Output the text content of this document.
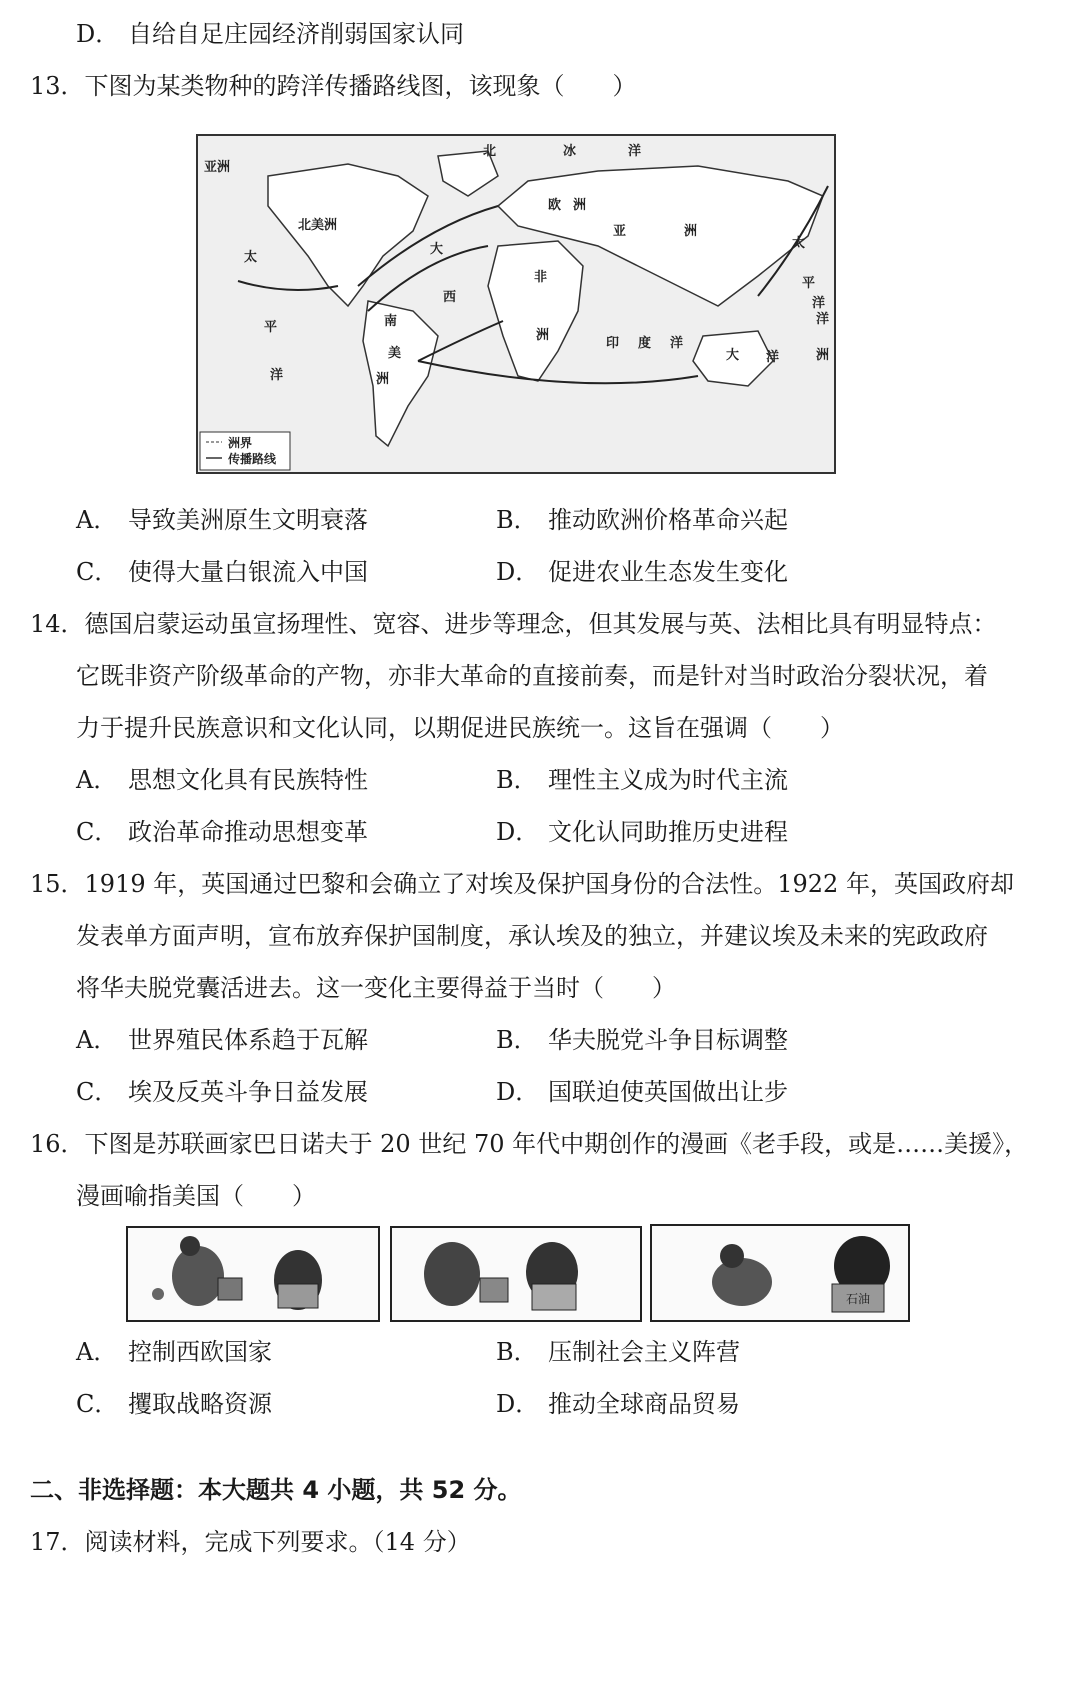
D． 自给自足庄园经济削弱国家认同
13．下图为某类物种的跨洋传播路线图，该现象（　　）
亚洲
北	冰	洋
北美洲
欧 洲
亚	洲
太
平
洋
大
西
南
美
洲
非
洲
印 度 洋
大 洋	洲
洋
太
平
洋
洲界
传播路线
A． 导致美洲原生文明衰落	B． 推动欧洲价格革命兴起
C． 使得大量白银流入中国	D． 促进农业生态发生变化
14．德国启蒙运动虽宣扬理性、宽容、进步等理念，但其发展与英、法相比具有明显特点：
它既非资产阶级革命的产物，亦非大革命的直接前奏，而是针对当时政治分裂状况，着
力于提升民族意识和文化认同，以期促进民族统一。这旨在强调（　　）
A． 思想文化具有民族特性	B． 理性主义成为时代主流
C． 政治革命推动思想变革	D． 文化认同助推历史进程
15．1919 年，英国通过巴黎和会确立了对埃及保护国身份的合法性。1922 年，英国政府却
发表单方面声明，宣布放弃保护国制度，承认埃及的独立，并建议埃及未来的宪政政府
将华夫脱党囊活进去。这一变化主要得益于当时（　　）
A． 世界殖民体系趋于瓦解	B． 华夫脱党斗争目标调整
C． 埃及反英斗争日益发展	D． 国联迫使英国做出让步
16．下图是苏联画家巴日诺夫于 20 世纪 70 年代中期创作的漫画《老手段，或是……美援》，
漫画喻指美国（　　）
石油
A． 控制西欧国家	B． 压制社会主义阵营
C． 攫取战略资源	D． 推动全球商品贸易
二、非选择题：本大题共 4 小题，共 52 分。
17．阅读材料，完成下列要求。（14 分）
